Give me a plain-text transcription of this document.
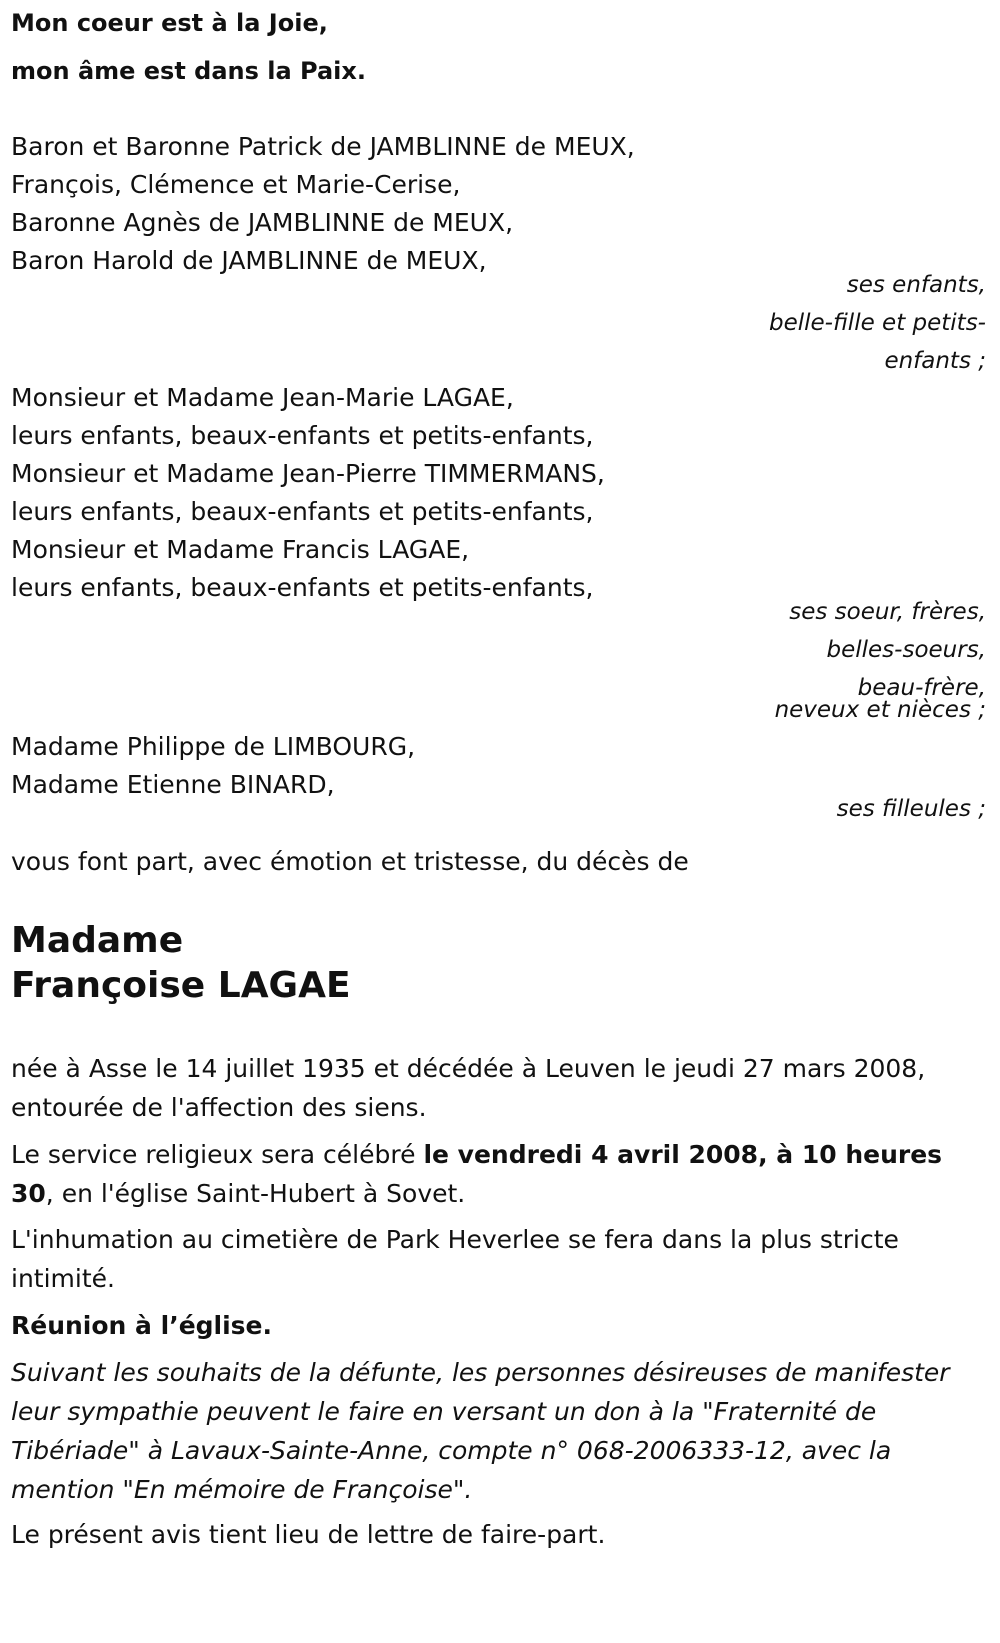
Mon coeur est à la Joie,
mon âme est dans la Paix.
Baron et Baronne Patrick de JAMBLINNE de MEUX,
François, Clémence et Marie-Cerise,
Baronne Agnès de JAMBLINNE de MEUX,
Baron Harold de JAMBLINNE de MEUX,
ses enfants,
belle-fille et petits-
enfants ;
Monsieur et Madame Jean-Marie LAGAE,
leurs enfants, beaux-enfants et petits-enfants,
Monsieur et Madame Jean-Pierre TIMMERMANS,
leurs enfants, beaux-enfants et petits-enfants,
Monsieur et Madame Francis LAGAE,
leurs enfants, beaux-enfants et petits-enfants,
ses soeur, frères,
belles-soeurs,
beau-frère,
neveux et nièces ;
Madame Philippe de LIMBOURG,
Madame Etienne BINARD,
ses filleules ;
vous font part, avec émotion et tristesse, du décès de
Madame
Françoise LAGAE

née à Asse le 14 juillet 1935 et décédée à Leuven le jeudi 27 mars 2008, entourée de l'affection des siens.

Le service religieux sera célébré le vendredi 4 avril 2008, à 10 heures 30, en l'église Saint-Hubert à Sovet.

L'inhumation au cimetière de Park Heverlee se fera dans la plus stricte intimité.

Réunion à l’église.

Suivant les souhaits de la défunte, les personnes désireuses de manifester leur sympathie peuvent le faire en versant un don à la "Fraternité de Tibériade" à Lavaux-Sainte-Anne, compte n° 068-2006333-12, avec la mention "En mémoire de Françoise".

Le présent avis tient lieu de lettre de faire-part.
